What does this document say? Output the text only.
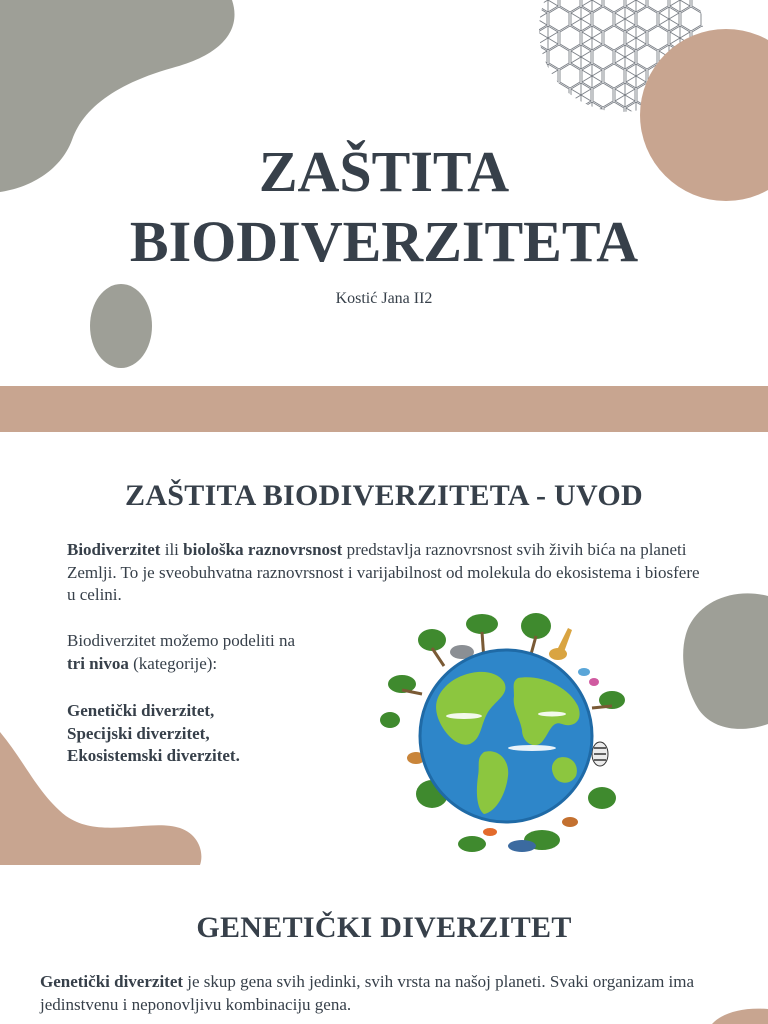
ZAŠTITA
BIODIVERZITETA
Kostić Jana II2
ZAŠTITA BIODIVERZITETA - UVOD
Biodiverzitet ili biološka raznovrsnost predstavlja raznovrsnost svih živih bića na planeti Zemlji. To je sveobuhvatna raznovrsnost i varijabilnost od molekula do ekosistema i biosfere u celini.
Biodiverzitet možemo podeliti na
tri nivoa (kategorije):
Genetički diverzitet,
Specijski diverzitet,
Ekosistemski diverzitet.
GENETIČKI DIVERZITET
Genetički diverzitet je skup gena svih jedinki, svih vrsta na našoj planeti. Svaki organizam ima jedinstvenu i neponovljivu kombinaciju gena.
